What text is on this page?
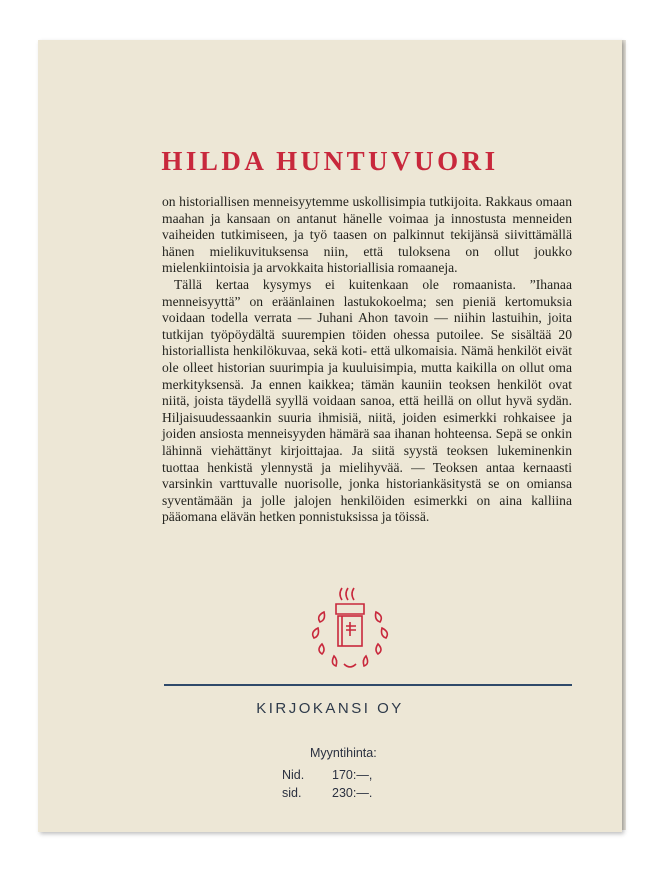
HILDA HUNTUVUORI

on historiallisen menneisyytemme uskollisimpia tutkijoita. Rakkaus omaan maahan ja kansaan on antanut hänelle voimaa ja innostusta menneiden vaiheiden tutkimiseen, ja työ taasen on palkinnut tekijänsä siivittämällä hänen mielikuvituksensa niin, että tuloksena on ollut joukko mielenkiintoisia ja arvokkaita historiallisia romaaneja.

Tällä kertaa kysymys ei kuitenkaan ole romaanista. ”Ihanaa menneisyyttä” on eräänlainen lastukokoelma; sen pieniä kertomuksia voidaan todella verrata — Juhani Ahon tavoin — niihin lastuihin, joita tutkijan työpöydältä suurempien töiden ohessa putoilee. Se sisältää 20 historiallista henkilökuvaa, sekä koti- että ulkomaisia. Nämä henkilöt eivät ole olleet historian suurimpia ja kuuluisimpia, mutta kaikilla on ollut oma merkityksensä. Ja ennen kaikkea; tämän kauniin teoksen henkilöt ovat niitä, joista täydellä syyllä voidaan sanoa, että heillä on ollut hyvä sydän. Hiljaisuudessaankin suuria ihmisiä, niitä, joiden esimerkki rohkaisee ja joiden ansiosta menneisyyden hämärä saa ihanan hohteensa. Sepä se onkin lähinnä viehättänyt kirjoittajaa. Ja siitä syystä teoksen lukeminenkin tuottaa henkistä ylennystä ja mielihyvää. — Teoksen antaa kernaasti varsinkin varttuvalle nuorisolle, jonka historiankäsitystä se on omiansa syventämään ja jolle jalojen henkilöiden esimerkki on aina kalliina pääomana elävän hetken ponnistuksissa ja töissä.

KIRJOKANSI OY
Myyntihinta:
Nid. 170:—,
sid. 230:—.
